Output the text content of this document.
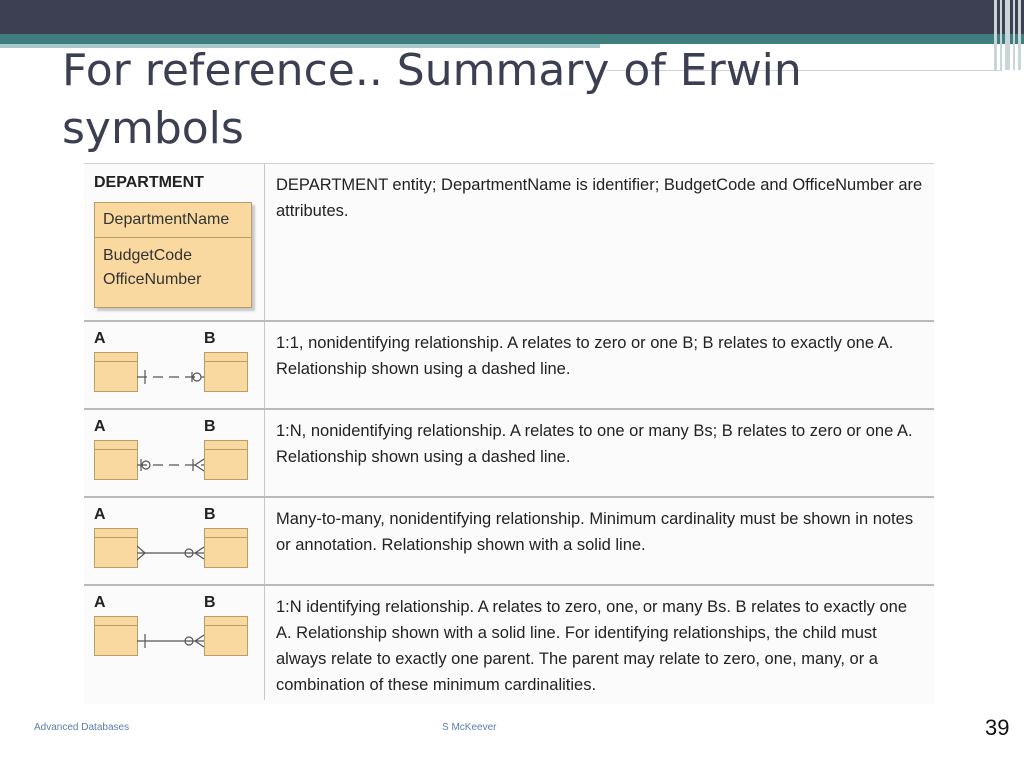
For reference.. Summary of Erwin symbols
DEPARTMENT
DepartmentName
BudgetCode
OfficeNumber
DEPARTMENT entity; DepartmentName is identifier; BudgetCode and OfficeNumber are attributes.
A	B	1:1, nonidentifying relationship. A relates to zero or one B; B relates to exactly one A. Relationship shown using a dashed line.
A	B	1:N, nonidentifying relationship. A relates to one or many Bs; B relates to zero or one A. Relationship shown using a dashed line.
A	B	Many-to-many, nonidentifying relationship. Minimum cardinality must be shown in notes or annotation. Relationship shown with a solid line.
A	B	1:N identifying relationship. A relates to zero, one, or many Bs. B relates to exactly one A. Relationship shown with a solid line. For identifying relationships, the child must always relate to exactly one parent. The parent may relate to zero, one, many, or a combination of these minimum cardinalities.
Advanced Databases	S McKeever	39
